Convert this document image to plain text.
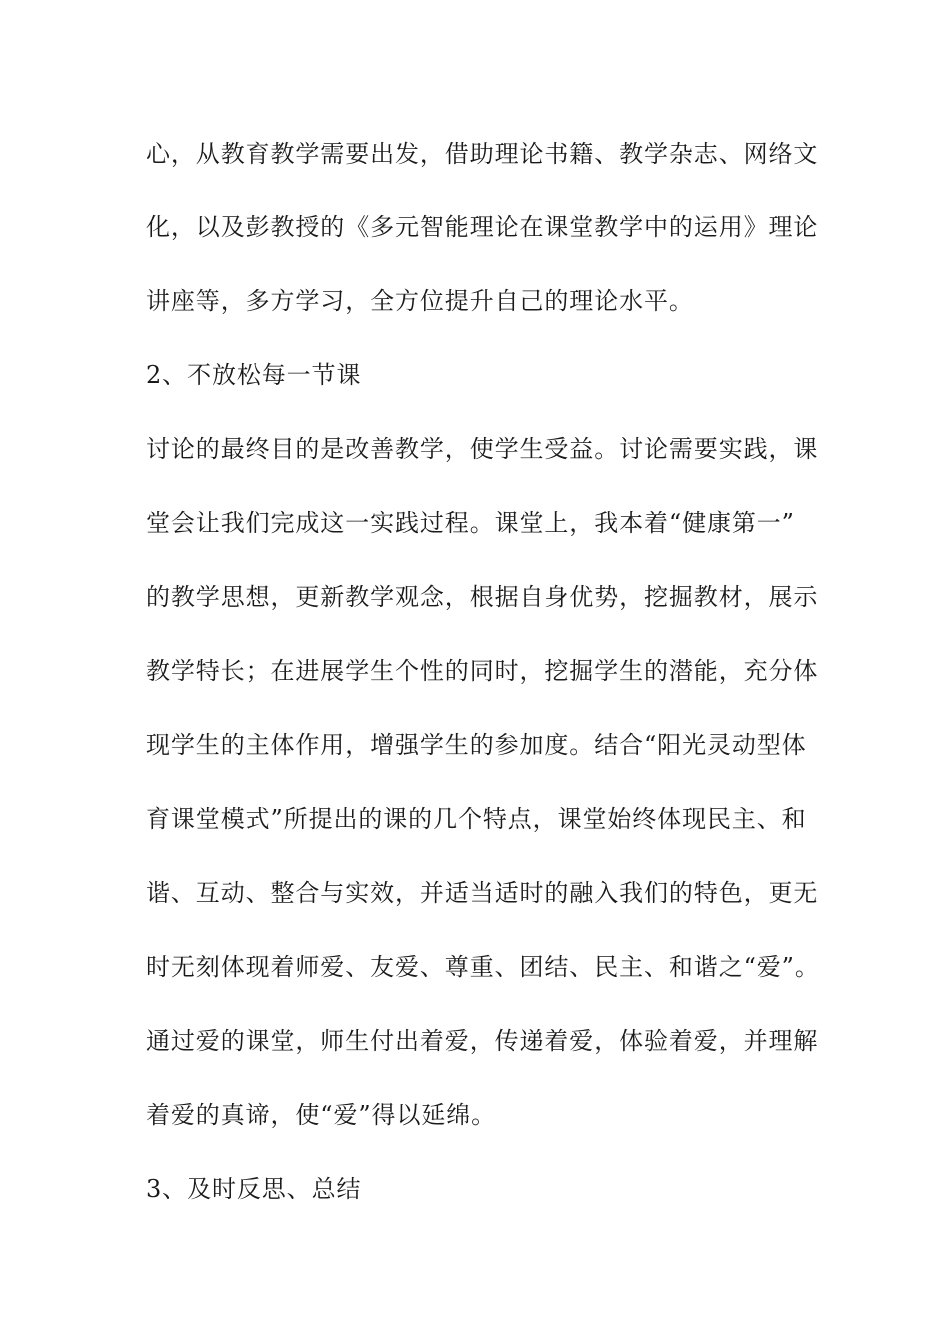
心，从教育教学需要出发，借助理论书籍、教学杂志、网络文
化，以及彭教授的《多元智能理论在课堂教学中的运用》理论
讲座等，多方学习，全方位提升自己的理论水平。
2、不放松每一节课
讨论的最终目的是改善教学，使学生受益。讨论需要实践，课
堂会让我们完成这一实践过程。课堂上，我本着“健康第一”
的教学思想，更新教学观念，根据自身优势，挖掘教材，展示
教学特长；在进展学生个性的同时，挖掘学生的潜能，充分体
现学生的主体作用，增强学生的参加度。结合“阳光灵动型体
育课堂模式”所提出的课的几个特点，课堂始终体现民主、和
谐、互动、整合与实效，并适当适时的融入我们的特色，更无
时无刻体现着师爱、友爱、尊重、团结、民主、和谐之“爱”。
通过爱的课堂，师生付出着爱，传递着爱，体验着爱，并理解
着爱的真谛，使“爱”得以延绵。
3、及时反思、总结
